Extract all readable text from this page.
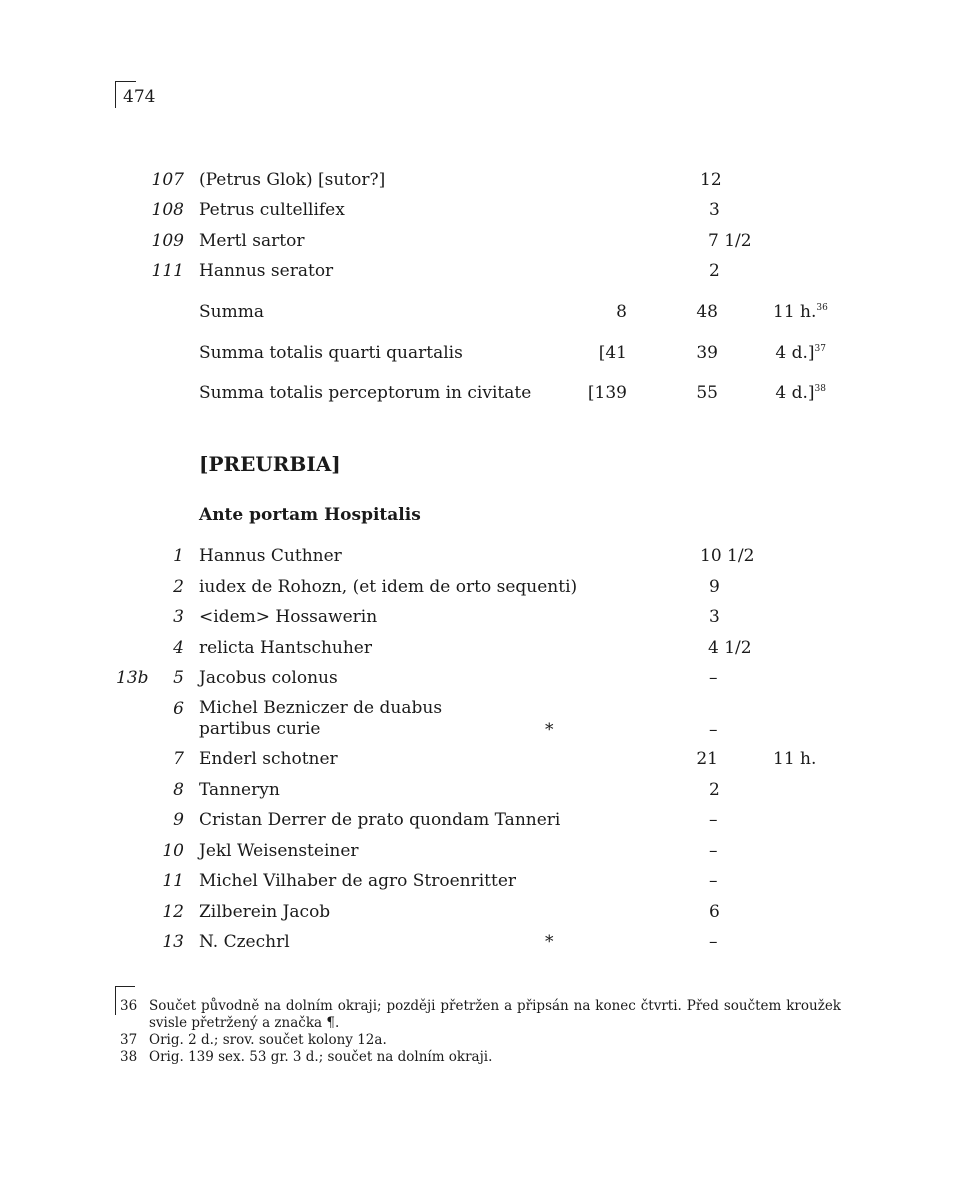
474
107 (Petrus Glok) [sutor?]	12
108 Petrus cultellifex	3
109 Mertl sartor	7 1/2
111 Hannus serator	2
Summa	8	48	11 h.$^{36}$
Summa totalis quarti quartalis	[41	39	4 d.]$^{37}$
Summa totalis perceptorum in civitate	[139	55	4 d.]$^{38}$
[PREURBIA]
Ante portam Hospitalis
1 Hannus Cuthner	10 1/2
2 iudex de Rohozn, (et idem de orto sequenti)	9
3 <idem> Hossawerin	3
4 relicta Hantschuher	4 1/2
13b 5 Jacobus colonus	–
6 Michel Bezniczer de duabus
partibus curie	*	–
7 Enderl schotner	21	11 h.
8 Tanneryn	2
9 Cristan Derrer de prato quondam Tanneri	–
10 Jekl Weisensteiner	–
11 Michel Vilhaber de agro Stroenritter	–
12 Zilberein Jacob	6
13 N. Czechrl	*	–
36 Součet původně na dolním okraji; později přetržen a připsán na konec čtvrti. Před součtem kroužek svisle přetržený a značka ¶.
37 Orig. 2 d.; srov. součet kolony 12a.
38 Orig. 139 sex. 53 gr. 3 d.; součet na dolním okraji.
